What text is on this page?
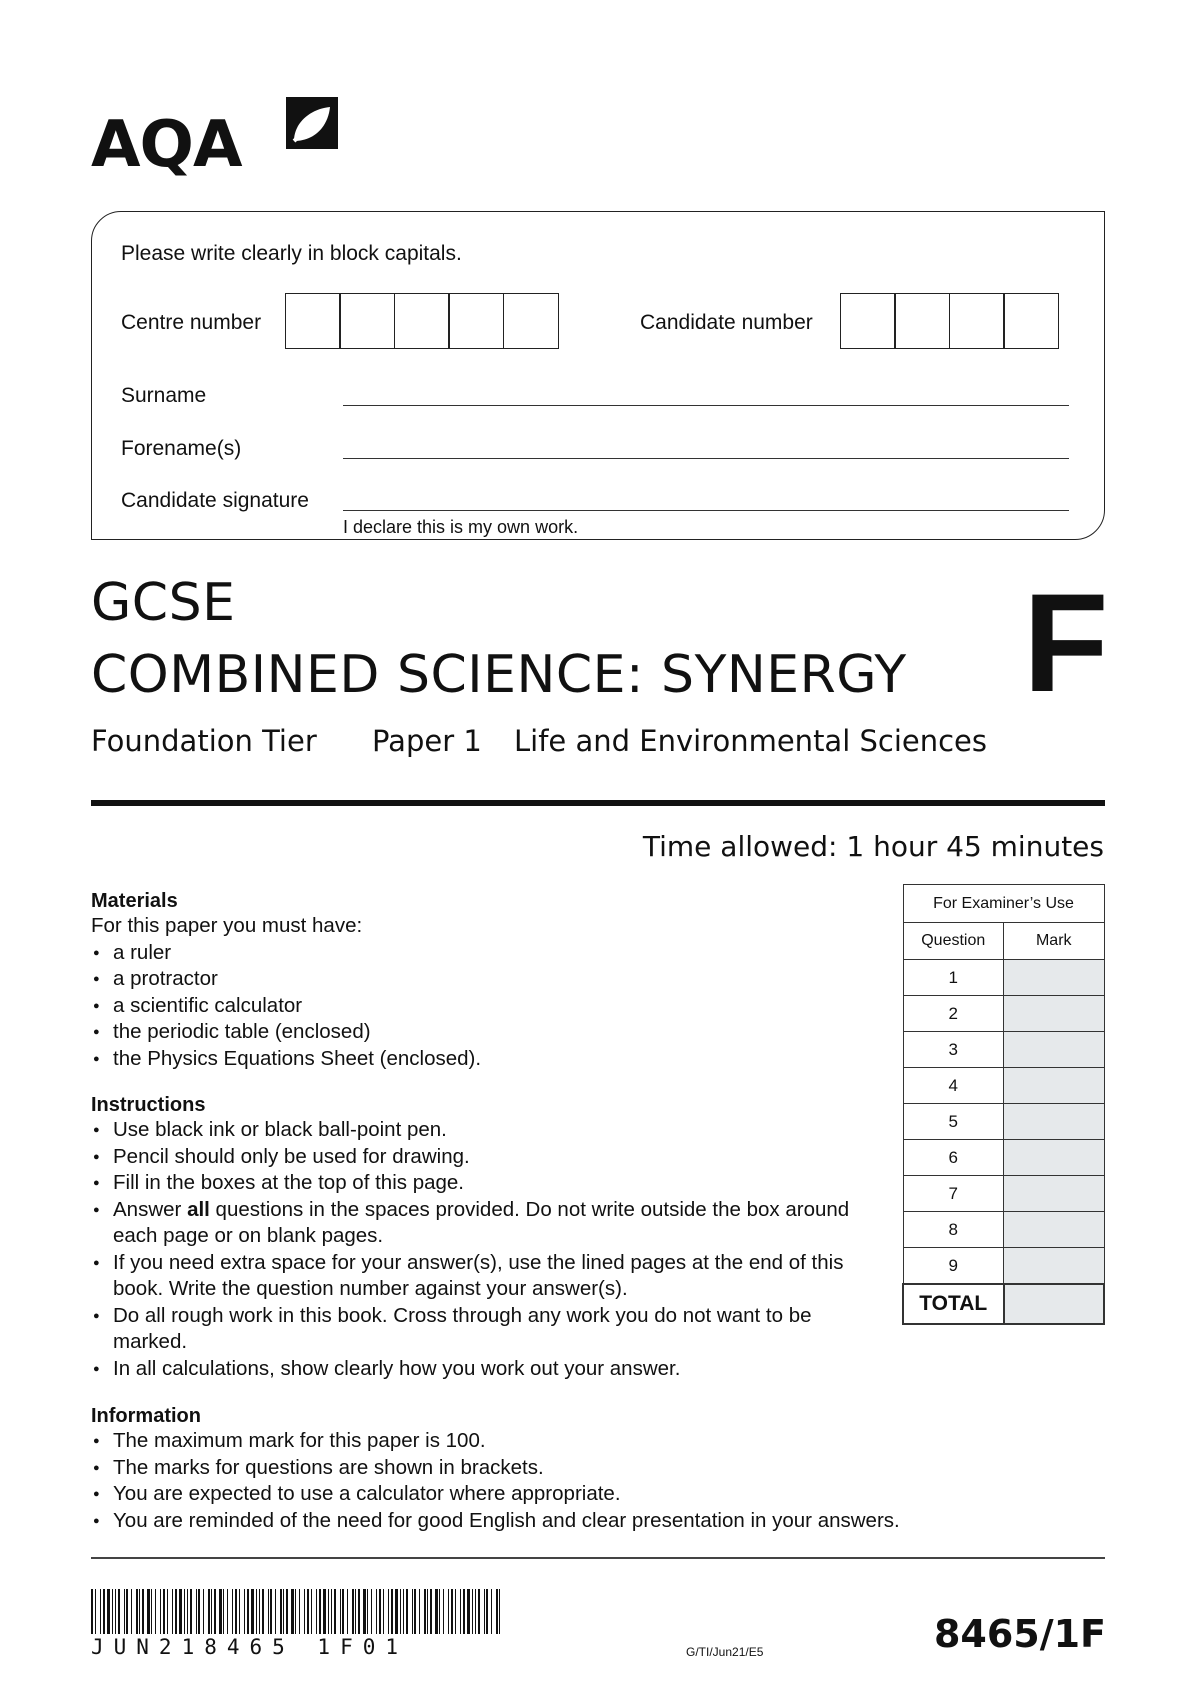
AQA
Please write clearly in block capitals.
Centre number	Candidate number
Surname
Forename(s)
Candidate signature
I declare this is my own work.
GCSE
COMBINED SCIENCE: SYNERGY
Foundation Tier Paper 1 Life and Environmental Sciences
F
Time allowed: 1 hour 45 minutes
Materials
For this paper you must have:
● a ruler
● a protractor
● a scientific calculator
● the periodic table (enclosed)
● the Physics Equations Sheet (enclosed).
Instructions
● Use black ink or black ball-point pen.
● Pencil should only be used for drawing.
● Fill in the boxes at the top of this page.
● Answer all questions in the spaces provided. Do not write outside the box around each page or on blank pages.
● If you need extra space for your answer(s), use the lined pages at the end of this book. Write the question number against your answer(s).
● Do all rough work in this book. Cross through any work you do not want to be marked.
● In all calculations, show clearly how you work out your answer.
Information
● The maximum mark for this paper is 100.
● The marks for questions are shown in brackets.
● You are expected to use a calculator where appropriate.
● You are reminded of the need for good English and clear presentation in your answers.
For Examiner’s Use	
Question	Mark
1	
2	
3	
4	
5	
6	
7	
8	
9	
TOTAL	
JUN218465 1F01	G/TI/Jun21/E5	8465/1F
